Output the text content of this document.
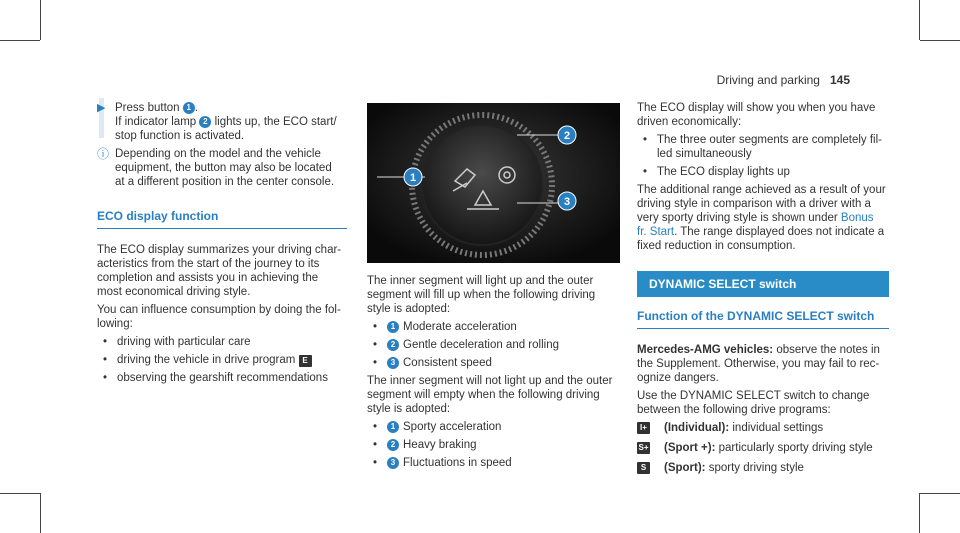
Driving and parking 145
▶ Press button 1 .
If indicator lamp 2 lights up, the ECO start/
stop function is activated.
ⓘ Depending on the model and the vehicle
equipment, the button may also be located
at a different position in the center console.
ECO display function

The ECO display summarizes your driving char-
acteristics from the start of the journey to its
completion and assists you in achieving the
most economical driving style.

You can influence consumption by doing the fol-
lowing:

• driving with particular care
• driving the vehicle in drive program E
• observing the gearshift recommendations
1
2
3

The inner segment will light up and the outer
segment will fill up when the following driving
style is adopted:

•	1 Moderate acceleration
•	2 Gentle deceleration and rolling
•	3 Consistent speed

The inner segment will not light up and the outer
segment will empty when the following driving
style is adopted:

•	1 Sporty acceleration
•	2 Heavy braking
•	3 Fluctuations in speed

The ECO display will show you when you have
driven economically:

• The three outer segments are completely fil-
led simultaneously
• The ECO display lights up

The additional range achieved as a result of your
driving style in comparison with a driver with a
very sporty driving style is shown under Bonus
fr. Start. The range displayed does not indicate a
fixed reduction in consumption.

DYNAMIC SELECT switch
Function of the DYNAMIC SELECT switch

Mercedes-AMG vehicles: observe the notes in
the Supplement. Otherwise, you may fail to rec-
ognize dangers.

Use the DYNAMIC SELECT switch to change
between the following drive programs:

I+ (Individual):
individual settings
S+ (Sport +):
particularly sporty driving style
S	(Sport):
sporty driving style
